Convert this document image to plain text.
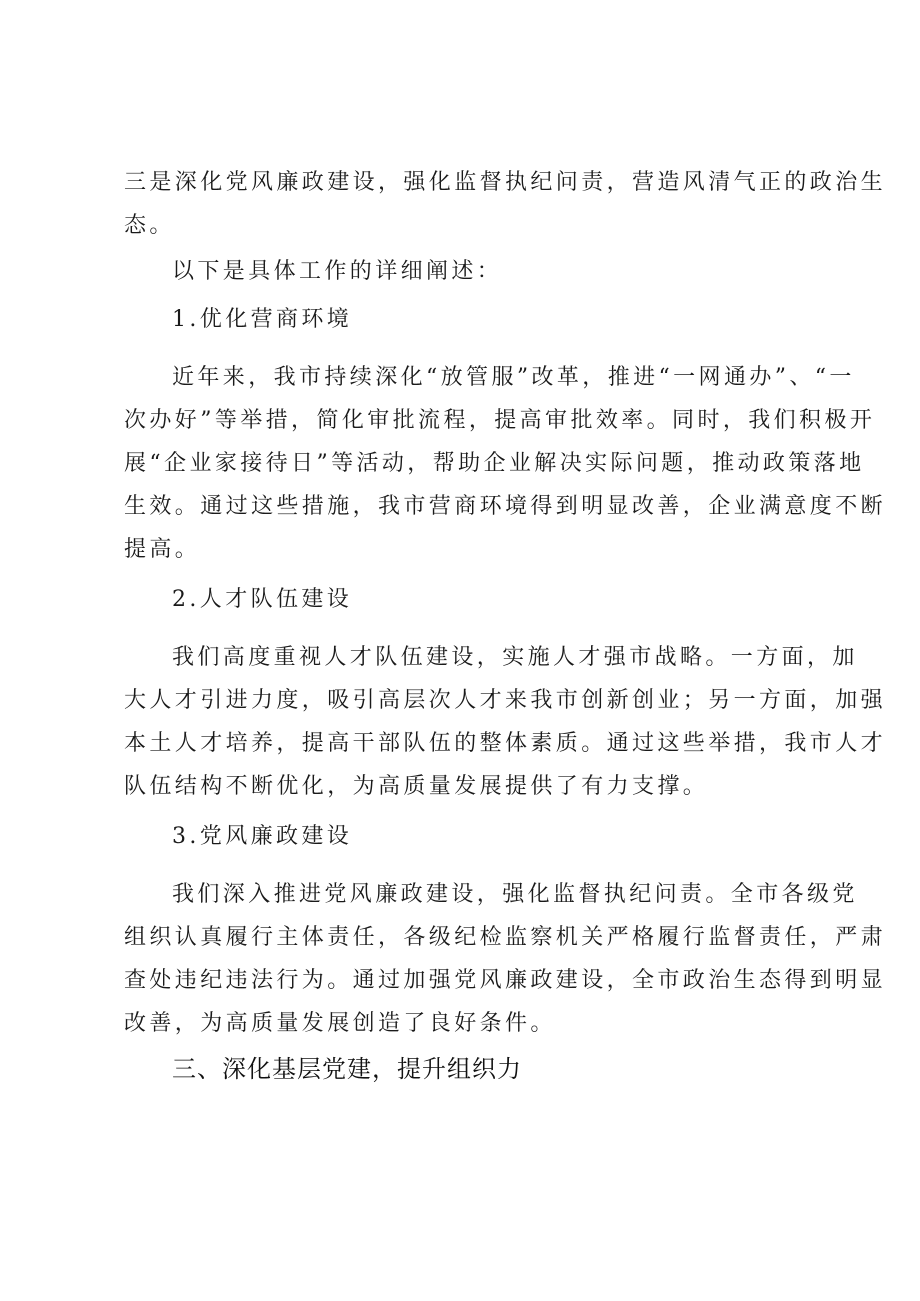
三是深化党风廉政建设，强化监督执纪问责，营造风清气正的政治生
态。
以下是具体工作的详细阐述：
1.优化营商环境
近年来，我市持续深化“放管服”改革，推进“一网通办”、“一
次办好”等举措，简化审批流程，提高审批效率。同时，我们积极开
展“企业家接待日”等活动，帮助企业解决实际问题，推动政策落地
生效。通过这些措施，我市营商环境得到明显改善，企业满意度不断
提高。
2.人才队伍建设
我们高度重视人才队伍建设，实施人才强市战略。一方面，加
大人才引进力度，吸引高层次人才来我市创新创业；另一方面，加强
本土人才培养，提高干部队伍的整体素质。通过这些举措，我市人才
队伍结构不断优化，为高质量发展提供了有力支撑。
3.党风廉政建设
我们深入推进党风廉政建设，强化监督执纪问责。全市各级党
组织认真履行主体责任，各级纪检监察机关严格履行监督责任，严肃
查处违纪违法行为。通过加强党风廉政建设，全市政治生态得到明显
改善，为高质量发展创造了良好条件。
三、深化基层党建，提升组织力
